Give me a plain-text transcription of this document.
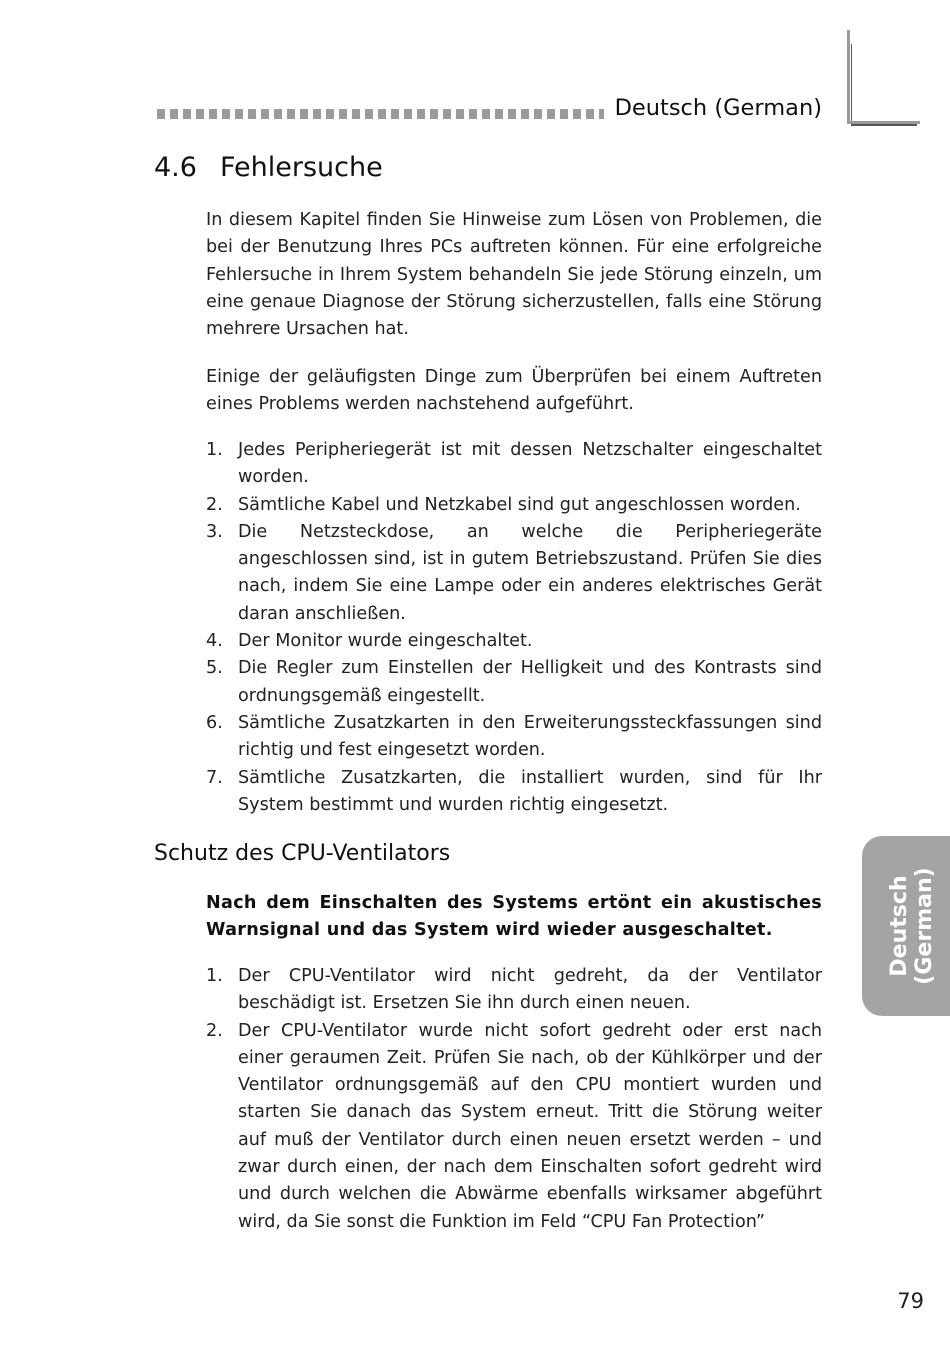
Deutsch (German)
4.6 Fehlersuche

In diesem Kapitel finden Sie Hinweise zum Lösen von Problemen, die bei der Benutzung Ihres PCs auftreten können. Für eine erfolgreiche Fehlersuche in Ihrem System behandeln Sie jede Störung einzeln, um eine genaue Diagnose der Störung sicherzustellen, falls eine Störung mehrere Ursachen hat.

Einige der geläufigsten Dinge zum Überprüfen bei einem Auftreten eines Problems werden nachstehend aufgeführt.

1. Jedes Peripheriegerät ist mit dessen Netzschalter eingeschaltet worden.
2. Sämtliche Kabel und Netzkabel sind gut angeschlossen worden.
3. Die Netzsteckdose, an welche die Peripheriegeräte angeschlossen sind, ist in gutem Betriebszustand. Prüfen Sie dies nach, indem Sie eine Lampe oder ein anderes elektrisches Gerät daran anschließen.
4. Der Monitor wurde eingeschaltet.
5. Die Regler zum Einstellen der Helligkeit und des Kontrasts sind ordnungsgemäß eingestellt.
6. Sämtliche Zusatzkarten in den Erweiterungssteckfassungen sind richtig und fest eingesetzt worden.
7. Sämtliche Zusatzkarten, die installiert wurden, sind für Ihr System bestimmt und wurden richtig eingesetzt.
Schutz des CPU-Ventilators

Nach dem Einschalten des Systems ertönt ein akustisches Warnsignal und das System wird wieder ausgeschaltet.

1. Der CPU-Ventilator wird nicht gedreht, da der Ventilator beschädigt ist. Ersetzen Sie ihn durch einen neuen.
2. Der CPU-Ventilator wurde nicht sofort gedreht oder erst nach einer geraumen Zeit. Prüfen Sie nach, ob der Kühlkörper und der Ventilator ordnungsgemäß auf den CPU montiert wurden und starten Sie danach das System erneut. Tritt die Störung weiter auf muß der Ventilator durch einen neuen ersetzt werden – und zwar durch einen, der nach dem Einschalten sofort gedreht wird und durch welchen die Abwärme ebenfalls wirksamer abgeführt wird, da Sie sonst die Funktion im Feld “CPU Fan Protection”
Deutsch (German)
79
